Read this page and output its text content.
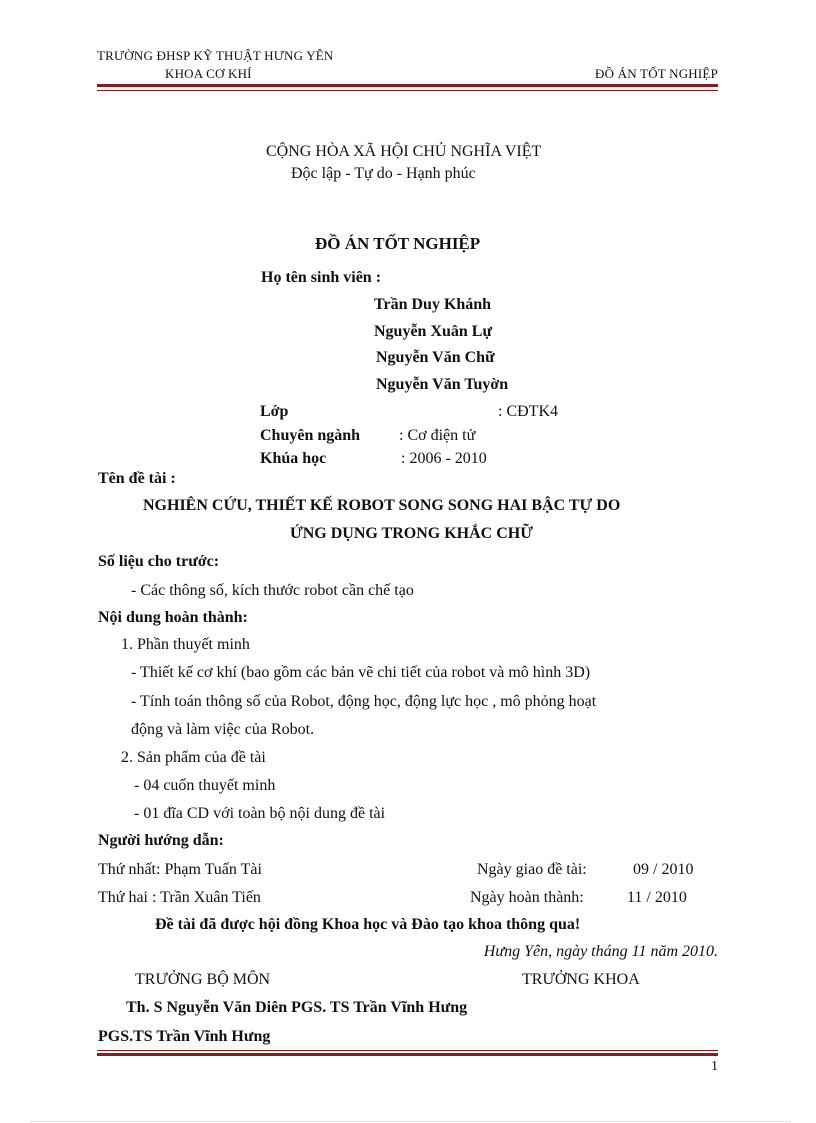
TRƯỜNG ĐHSP KỸ THUẬT HƯNG YÊN
KHOA CƠ KHÍ	ĐỒ ÁN TỐT NGHIỆP
CỘNG HÒA XÃ HỘI CHỦ NGHĨA VIỆT
Độc lập - Tự do - Hạnh phúc
ĐỒ ÁN TỐT NGHIỆP
Họ tên sinh viên :
Trần Duy Khánh
Nguyễn Xuân Lự
Nguyễn Văn Chữ
Nguyễn Văn Tuyờn
Lớp	: CĐTK4
Chuyên ngành : Cơ điện tử
Khúa học	: 2006 - 2010
Tên đề tài :
NGHIÊN CỨU, THIẾT KẾ ROBOT SONG SONG HAI BẬC TỰ DO
ỨNG DỤNG TRONG KHẮC CHỮ
Số liệu cho trước:
- Các thông số, kích thước robot cần chế tạo
Nội dung hoàn thành:
1. Phần thuyết minh
- Thiết kế cơ khí (bao gồm các bản vẽ chi tiết của robot và mô hình 3D)
- Tính toán thông số của Robot, động học, động lực học , mô phỏng hoạt
động và làm việc của Robot.
2. Sản phẩm của đề tài
- 04 cuốn thuyết minh
- 01 đĩa CD với toàn bộ nội dung đề tài
Người hướng dẫn:
Thứ nhất: Phạm Tuấn Tài	Ngày giao đề tài:	09 / 2010
Thứ hai : Trần Xuân Tiến	Ngày hoàn thành:	11 / 2010
Đề tài đã được hội đồng Khoa học và Đào tạo khoa thông qua!
Hưng Yên, ngày tháng 11 năm 2010.
TRƯỞNG BỘ MÔN	TRƯỞNG KHOA
Th. S Nguyễn Văn Diên PGS. TS Trần Vĩnh Hưng
PGS.TS Trần Vĩnh Hưng
1
